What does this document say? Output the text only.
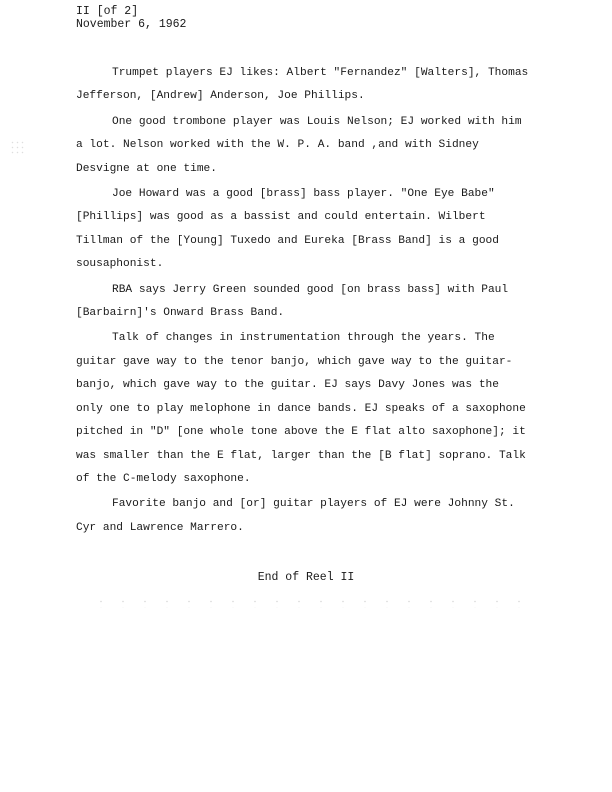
II [of 2]
November 6, 1962

Trumpet players EJ likes: Albert "Fernandez" [Walters], Thomas
Jefferson, [Andrew] Anderson, Joe Phillips.

One good trombone player was Louis Nelson; EJ worked with him
a lot. Nelson worked with the W. P. A. band ,and with Sidney
Desvigne at one time.

Joe Howard was a good [brass] bass player. "One Eye Babe"
[Phillips] was good as a bassist and could entertain. Wilbert
Tillman of the [Young] Tuxedo and Eureka [Brass Band] is a good
sousaphonist.

RBA says Jerry Green sounded good [on brass bass] with Paul
[Barbairn]'s Onward Brass Band.

Talk of changes in instrumentation through the years. The
guitar gave way to the tenor banjo, which gave way to the guitar-
banjo, which gave way to the guitar. EJ says Davy Jones was the
only one to play melophone in dance bands. EJ speaks of a saxophone
pitched in "D" [one whole tone above the E flat alto saxophone]; it
was smaller than the E flat, larger than the [B flat] soprano. Talk
of the C-melody saxophone.

Favorite banjo and [or] guitar players of EJ were Johnny St.
Cyr and Lawrence Marrero.

End of Reel II
